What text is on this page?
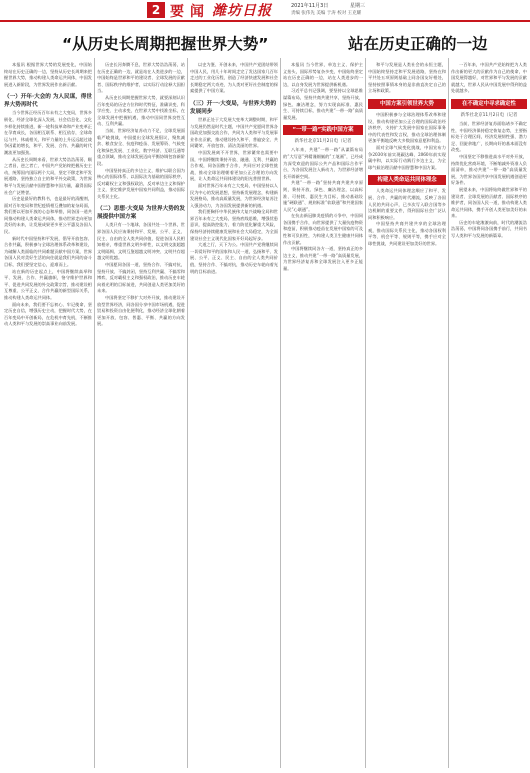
2 要闻 潍坊日报	2021年11月3日	星期三
责编 张伟先 美编 于涛 校对 王克耀
“从历史长周期把握世界大势”	站在历史正确的一边

本报讯 根据世界大势的发展变化，中国始终站在历史正确的一边，坚持从历史长周期来把握世界大势，推动构建人类命运共同体，中国发展进入新阶段，为世界发展作出新贡献。

（一）开年·大会的 为人民谋，得世界大势再时代

当今世界正经历百年未有之大变局，世界多极化、经济全球化深入发展，社会信息化、文化多样化持续推进，新一轮科技革命和产业变革正在孕育成长，各国相互联系、相互依存，全球命运与共、休戚相关，和平力量的上升远远超过战争因素的增长，和平、发展、合作、共赢的时代潮流更加强劲。

从历史长周期来看，世界大势浩浩荡荡，顺之者昌，逆之者亡，中国共产党始终把握历史主动，统筹国内国际两个大局，坚定不移走和平发展道路，坚持独立自主的和平外交政策，为世界和平与发展贡献中国智慧和中国力量，赢得国际社会广泛赞誉。

历史是最好的教科书，也是最好的清醒剂，面对百年变局和世纪疫情相互叠加的复杂局面，我们要以更加开放的心态和举措，同各国一道共同推动构建人类命运共同体，推动世界走向更加美好的未来，让发展成果更多更公平惠及各国人民。

新时代中国坚持和平发展，倡导开放包容、合作共赢，积极参与全球治理体系改革和建设，为破解人类面临的共同难题贡献中国方案，世界各国人民对美好生活的向往就是我们共同的奋斗目标，我们要坚定信心，迎难而上。

站在新的历史起点上，中国将继续高举和平、发展、合作、共赢旗帜，恪守维护世界和平、促进共同发展的外交政策宗旨，推动建设相互尊重、公平正义、合作共赢的新型国际关系，推动构建人类命运共同体。

面向未来，我们要不忘初心、牢记使命，坚定历史自信，增强历史主动，把握时代大势，在百年变局中开创新局，在危机中育先机，不断推动人类和平与发展的崇高事业向前发展。

历史长河奔腾不息，世界大势浩浩荡荡，站在历史正确的一边，就是站在人类进步的一边，中国始终是世界和平的建设者、全球发展的贡献者、国际秩序的维护者，以实际行动诠释大国担当。

从历史长周期把握世界大势，就要深刻认识百年变局的历史方位和时代特征，准确识变、科学应变、主动求变，在世界大势中找准坐标，在全球发展中把握机遇，推动中国同世界良性互动、互利共赢。

当前，世界经济复苏动力不足，全球发展面临严峻挑战，中国提出全球发展倡议，聚焦减贫、粮食安全、抗疫和疫苗、发展筹资、气候变化和绿色发展、工业化、数字经济、互联互通等重点领域，推动全球发展迈向平衡协调包容新阶段。

中国坚持真正的多边主义，维护以联合国为核心的国际体系、以国际法为基础的国际秩序，反对霸权主义和强权政治，反对单边主义和保护主义，坚定维护发展中国家共同利益，推动国际关系民主化。

（二）思想·大变局 为世界大势的发展提供中国方案

人类只有一个地球，各国共处一个世界，世界各国人民应该秉持和平、发展、公平、正义、民主、自由的全人类共同价值，促进各国人民相知相亲，尊重世界文明多样性，以文明交流超越文明隔阂、文明互鉴超越文明冲突、文明共存超越文明优越。

中国愿同各国一道，坚持合作、不搞对抗，坚持开放、不搞封闭，坚持互利共赢、不搞零和博弈，反对霸权主义和强权政治，推动历史车轮向着光明的目标前进，共同创造人类更加美好的未来。

中国将坚定不移扩大对外开放，推动建设开放型世界经济，同各国分享中国市场机遇，促进贸易和投资自由化便利化，推动经济全球化朝着更加开放、包容、普惠、平衡、共赢的方向发展。

以史为鉴、开创未来，中国共产党团结带领中国人民，用几十年时间走完了发达国家几百年走过的工业化历程，创造了经济快速发展和社会长期稳定两大奇迹，为人类对更好社会制度的探索提供了中国方案。

（三）开一·大变局，与世界大势的发展同步

世界正处于大发展大变革大调整时期，和平与发展仍然是时代主题，中国共产党愿同世界各国政党加强交流合作，共同为人类和平与发展事业作出贡献，推动建设持久和平、普遍安全、共同繁荣、开放包容、清洁美丽的世界。

中国发展离不开世界，世界繁荣也需要中国，中国将继续秉持开放、融通、互利、共赢的合作观，同各国携手合作，共同应对全球性挑战，推动全球治理朝着更加公正合理的方向发展，让人类命运共同体建设的阳光普照世界。

面对世界百年未有之大变局，中国坚持以人民为中心的发展思想，坚持新发展理念，构建新发展格局，推动高质量发展，为世界经济复苏注入强劲动力，为各国发展提供新的机遇。

我们要胸怀中华民族伟大复兴战略全局和世界百年未有之大变局，坚持底线思维，增强忧患意识，提高防控能力，着力防范化解重大风险，保持经济持续健康发展和社会大局稳定，为全面建设社会主义现代化国家开好局起好步。

大道之行，天下为公。中国共产党将继续同一切爱好和平的国家和人民一道，弘扬和平、发展、公平、正义、民主、自由的全人类共同价值，坚持合作、不搞对抗，推动历史车轮向着光明的目标前进。

本报讯 当今世界，单边主义、保护主义抬头，国际形势复杂多变，中国始终坚定站在历史正确的一边，站在人类进步的一边，以自身发展为世界提供新机遇。

习近平总书记强调，要坚持以全球思维谋篇布局，坚持共商共建共享，坚持开放、绿色、廉洁理念，努力实现高标准、惠民生、可持续目标，推动共建“一带一路”高质量发展。

“一带一路”实践中国方案
新华社北京11月2日电（记者

八年来，共建“一带一路”从谋篇布局的“大写意”到精谨细腻的“工笔画”，已经成为深受欢迎的国际公共产品和国际合作平台，为各国发展注入新动力，为世界经济增长开辟新空间。

共建“一带一路”坚持共商共建共享原则，秉持开放、绿色、廉洁理念，以高标准、可持续、惠民生为目标，推动基础设施“硬联通”、规则标准“软联通”和共建国家人民“心联通”。

在抗击新冠肺炎疫情的斗争中，中国同各国携手合作，向世界提供了大量抗疫物资和疫苗，积极推动疫苗在发展中国家的可及性和可负担性，为构建人类卫生健康共同体作出贡献。

中国将继续同各方一道，坚持真正的多边主义，推动共建“一带一路”高质量发展，为世界经济复苏和全球发展注入更多正能量。

和平与发展是人类社会的永恒主题，中国始终坚持走和平发展道路，坚持在和平共处五项原则基础上同各国友好相处，坚持按照事情本身的是非曲直决定自己的立场和政策。

中国方案引领世界大势

中国积极参与全球治理体系改革和建设，推动构建更加公正合理的国际政治经济秩序，支持扩大发展中国家在国际事务中的代表性和发言权，推动全球治理体制更加平衡地反映大多数国家意愿和利益。

面对全球气候变化挑战，中国宣布力争2030年前实现碳达峰、2060年前实现碳中和，以实际行动践行多边主义，为全球气候治理贡献中国智慧和中国方案。

构建人类命运共同体理念

人类命运共同体理念顺应了和平、发展、合作、共赢的时代潮流，反映了各国人民的共同心声，已多次写入联合国等多边机制的重要文件，得到国际社会广泛认同和积极响应。

中国坚持共商共建共享的全球治理观，推动国际关系民主化，推动各国权利平等、机会平等、规则平等，携手应对全球性挑战，共同建设更加美好的世界。

一百年来，中国共产党始终把为人类作出新的更大的贡献作为自己的使命，中国发展得越好，对世界和平与发展的贡献就越大，世界人民从中国发展中得到的益处就越多。

在不确定中寻求确定性
新华社北京11月2日电（记者

当前，世界经济复苏面临诸多不确定性，中国经济保持稳定恢复态势，主要指标处于合理区间，经济发展韧性强、潜力足、回旋余地广，长期向好的基本面没有改变。

中国坚定不移推进高水平对外开放，持续优化营商环境，不断缩减外资准入负面清单，推动共建“一带一路”高质量发展，为世界各国共享中国发展机遇创造更好条件。

展望未来，中国将始终做世界和平的建设者、全球发展的贡献者、国际秩序的维护者，同各国人民一道，推动构建人类命运共同体，携手开创人类更加美好的未来。

历史的车轮滚滚向前，时代的潮流浩浩荡荡，中国将同各国携手前行，共同书写人类和平与发展的新篇章。
